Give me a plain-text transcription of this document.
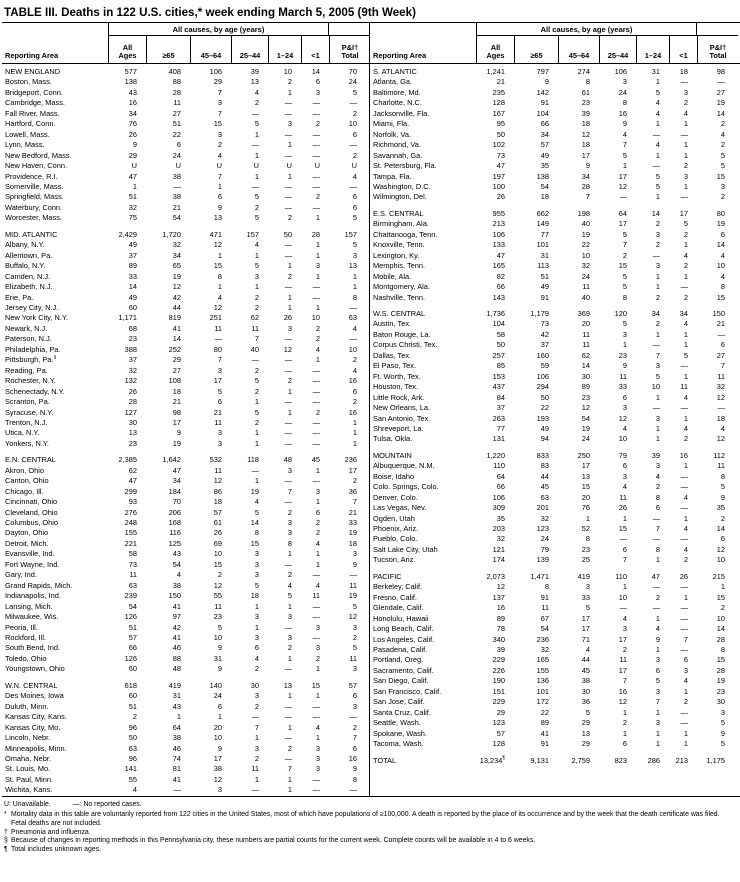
TABLE III. Deaths in 122 U.S. cities,* week ending March 5, 2005 (9th Week)
All causes, by age (years)
Reporting Area
All
Ages	≥65	45–64	25–44	1–24	<1
P&I†
Total
All causes, by age (years)
Reporting Area
All
Ages	≥65	45–64	25–44	1–24	<1
P&I†
Total
NEW ENGLAND	577	408	106	39	10	14	70
Boston, Mass.	138	88	29	13	2	6	24
Bridgeport, Conn.	43	28	7	4	1	3	5
Cambridge, Mass.	16	11	3	2	—	—	—
Fall River, Mass.	34	27	7	—	—	—	2
Hartford, Conn.	76	51	15	5	3	2	10
Lowell, Mass.	26	22	3	1	—	—	6
Lynn, Mass.	9	6	2	—	1	—	—
New Bedford, Mass.	29	24	4	1	—	—	2
New Haven, Conn.	U	U	U	U	U	U	U
Providence, R.I.	47	38	7	1	1	—	4
Somerville, Mass.	1	—	1	—	—	—	—
Springfield, Mass.	51	38	6	5	—	2	6
Waterbury, Conn.	32	21	9	2	—	—	6
Worcester, Mass.	75	54	13	5	2	1	5
MID. ATLANTIC	2,429	1,720	471	157	50	28	157
Albany, N.Y.	49	32	12	4	—	1	5
Allentown, Pa.	37	34	1	1	—	1	3
Buffalo, N.Y.	89	65	15	5	1	3	13
Camden, N.J.	33	19	8	3	2	1	1
Elizabeth, N.J.	14	12	1	1	—	—	1
Erie, Pa.	49	42	4	2	1	—	8
Jersey City, N.J.	60	44	12	2	1	1	—
New York City, N.Y.	1,171	819	251	62	26	10	63
Newark, N.J.	68	41	11	11	3	2	4
Paterson, N.J.	23	14	—	7	—	2	—
Philadelphia, Pa.	388	252	80	40	12	4	10
Pittsburgh, Pa.§	37	29	7	—	—	1	2
Reading, Pa.	32	27	3	2	—	—	4
Rochester, N.Y.	132	108	17	5	2	—	16
Schenectady, N.Y.	26	18	5	2	1	—	6
Scranton, Pa.	28	21	6	1	—	—	2
Syracuse, N.Y.	127	98	21	5	1	2	16
Trenton, N.J.	30	17	11	2	—	—	1
Utica, N.Y.	13	9	3	1	—	—	1
Yonkers, N.Y.	23	19	3	1	—	—	1
E.N. CENTRAL	2,385	1,642	532	118	48	45	236
Akron, Ohio	62	47	11	—	3	1	17
Canton, Ohio	47	34	12	1	—	—	2
Chicago, Ill.	299	184	86	19	7	3	36
Cincinnati, Ohio	93	70	18	4	—	1	7
Cleveland, Ohio	276	206	57	5	2	6	21
Columbus, Ohio	248	168	61	14	3	2	33
Dayton, Ohio	155	116	26	8	3	2	19
Detroit, Mich.	221	125	69	15	8	4	18
Evansville, Ind.	58	43	10	3	1	1	3
Fort Wayne, Ind.	73	54	15	3	—	1	9
Gary, Ind.	11	4	2	3	2	—	—
Grand Rapids, Mich.	63	38	12	5	4	4	11
Indianapolis, Ind.	239	150	55	18	5	11	19
Lansing, Mich.	54	41	11	1	1	—	5
Milwaukee, Wis.	126	97	23	3	3	—	12
Peoria, Ill.	51	42	5	1	—	3	3
Rockford, Ill.	57	41	10	3	3	—	2
South Bend, Ind.	66	46	9	6	2	3	5
Toledo, Ohio	126	88	31	4	1	2	11
Youngstown, Ohio	60	48	9	2	—	1	3
W.N. CENTRAL	618	419	140	30	13	15	57
Des Moines, Iowa	60	31	24	3	1	1	6
Duluth, Minn.	51	43	6	2	—	—	3
Kansas City, Kans.	2	1	1	—	—	—	—
Kansas City, Mo.	96	64	20	7	1	4	2
Lincoln, Nebr.	50	38	10	1	—	1	7
Minneapolis, Minn.	63	46	9	3	2	3	6
Omaha, Nebr.	96	74	17	2	—	3	16
St. Louis, Mo.	141	81	38	11	7	3	9
St. Paul, Minn.	55	41	12	1	1	—	8
Wichita, Kans.	4	—	3	—	1	—	—
S. ATLANTIC	1,241	797	274	106	31	18	98
Atlanta, Ga.	21	9	8	3	1	—	—
Baltimore, Md.	235	142	61	24	5	3	27
Charlotte, N.C.	128	91	23	8	4	2	19
Jacksonville, Fla.	167	104	39	16	4	4	14
Miami, Fla.	95	66	18	9	1	1	2
Norfolk, Va.	50	34	12	4	—	—	4
Richmond, Va.	102	57	18	7	4	1	2
Savannah, Ga.	73	49	17	5	1	1	5
St. Petersburg, Fla.	47	35	9	1	—	2	5
Tampa, Fla.	197	138	34	17	5	3	15
Washington, D.C.	100	54	28	12	5	1	3
Wilmington, Del.	26	18	7	—	1	—	2
E.S. CENTRAL	955	662	198	64	14	17	80
Birmingham, Ala.	213	149	40	17	2	5	19
Chattanooga, Tenn.	106	77	19	5	3	2	6
Knoxville, Tenn.	133	101	22	7	2	1	14
Lexington, Ky.	47	31	10	2	—	4	4
Memphis, Tenn.	165	113	32	15	3	2	10
Mobile, Ala.	82	51	24	5	1	1	4
Montgomery, Ala.	66	49	11	5	1	—	8
Nashville, Tenn.	143	91	40	8	2	2	15
W.S. CENTRAL	1,736	1,179	369	120	34	34	150
Austin, Tex.	104	73	20	5	2	4	21
Baton Rouge, La.	58	42	11	3	1	1	—
Corpus Christi, Tex.	50	37	11	1	—	1	6
Dallas, Tex.	257	160	62	23	7	5	27
El Paso, Tex.	85	59	14	9	3	—	7
Ft. Worth, Tex.	153	106	30	11	5	1	11
Houston, Tex.	437	294	89	33	10	11	32
Little Rock, Ark.	84	50	23	6	1	4	12
New Orleans, La.	37	22	12	3	—	—	—
San Antonio, Tex.	263	193	54	12	3	1	18
Shreveport, La.	77	49	19	4	1	4	4
Tulsa, Okla.	131	94	24	10	1	2	12
MOUNTAIN	1,220	833	250	79	39	16	112
Albuquerque, N.M.	110	83	17	6	3	1	11
Boise, Idaho	64	44	13	3	4	—	8
Colo. Springs, Colo.	66	45	15	4	2	—	5
Denver, Colo.	106	63	20	11	8	4	9
Las Vegas, Nev.	309	201	76	26	6	—	35
Ogden, Utah	35	32	1	1	—	1	2
Phoenix, Ariz.	203	123	52	15	7	4	14
Pueblo, Colo.	32	24	8	—	—	—	6
Salt Lake City, Utah	121	79	23	6	8	4	12
Tucson, Ariz.	174	139	25	7	1	2	10
PACIFIC	2,073	1,471	419	110	47	26	215
Berkeley, Calif.	12	8	3	1	—	—	1
Fresno, Calif.	137	91	33	10	2	1	15
Glendale, Calif.	16	11	5	—	—	—	2
Honolulu, Hawaii	89	67	17	4	1	—	10
Long Beach, Calif.	78	54	17	3	4	—	14
Los Angeles, Calif.	340	236	71	17	9	7	28
Pasadena, Calif.	39	32	4	2	1	—	8
Portland, Oreg.	229	165	44	11	3	6	15
Sacramento, Calif.	226	155	45	17	6	3	28
San Diego, Calif.	190	136	38	7	5	4	19
San Francisco, Calif.	151	101	30	16	3	1	23
San Jose, Calif.	229	172	36	12	7	2	30
Santa Cruz, Calif.	29	22	5	1	1	—	3
Seattle, Wash.	123	89	29	2	3	—	5
Spokane, Wash.	57	41	13	1	1	1	9
Tacoma, Wash.	128	91	29	6	1	1	5
TOTAL	13,234¶	9,131	2,759	823	286	213	1,175
U: Unavailable.	—: No reported cases.
* Mortality data in this table are voluntarily reported from 122 cities in the United States, most of which have populations of ≥100,000. A death is reported by the place of its occurrence and by the week that the death certificate was filed. Fetal deaths are not included.
† Pneumonia and influenza.
§ Because of changes in reporting methods in this Pennsylvania city, these numbers are partial counts for the current week. Complete counts will be available in 4 to 6 weeks.
¶ Total includes unknown ages.
